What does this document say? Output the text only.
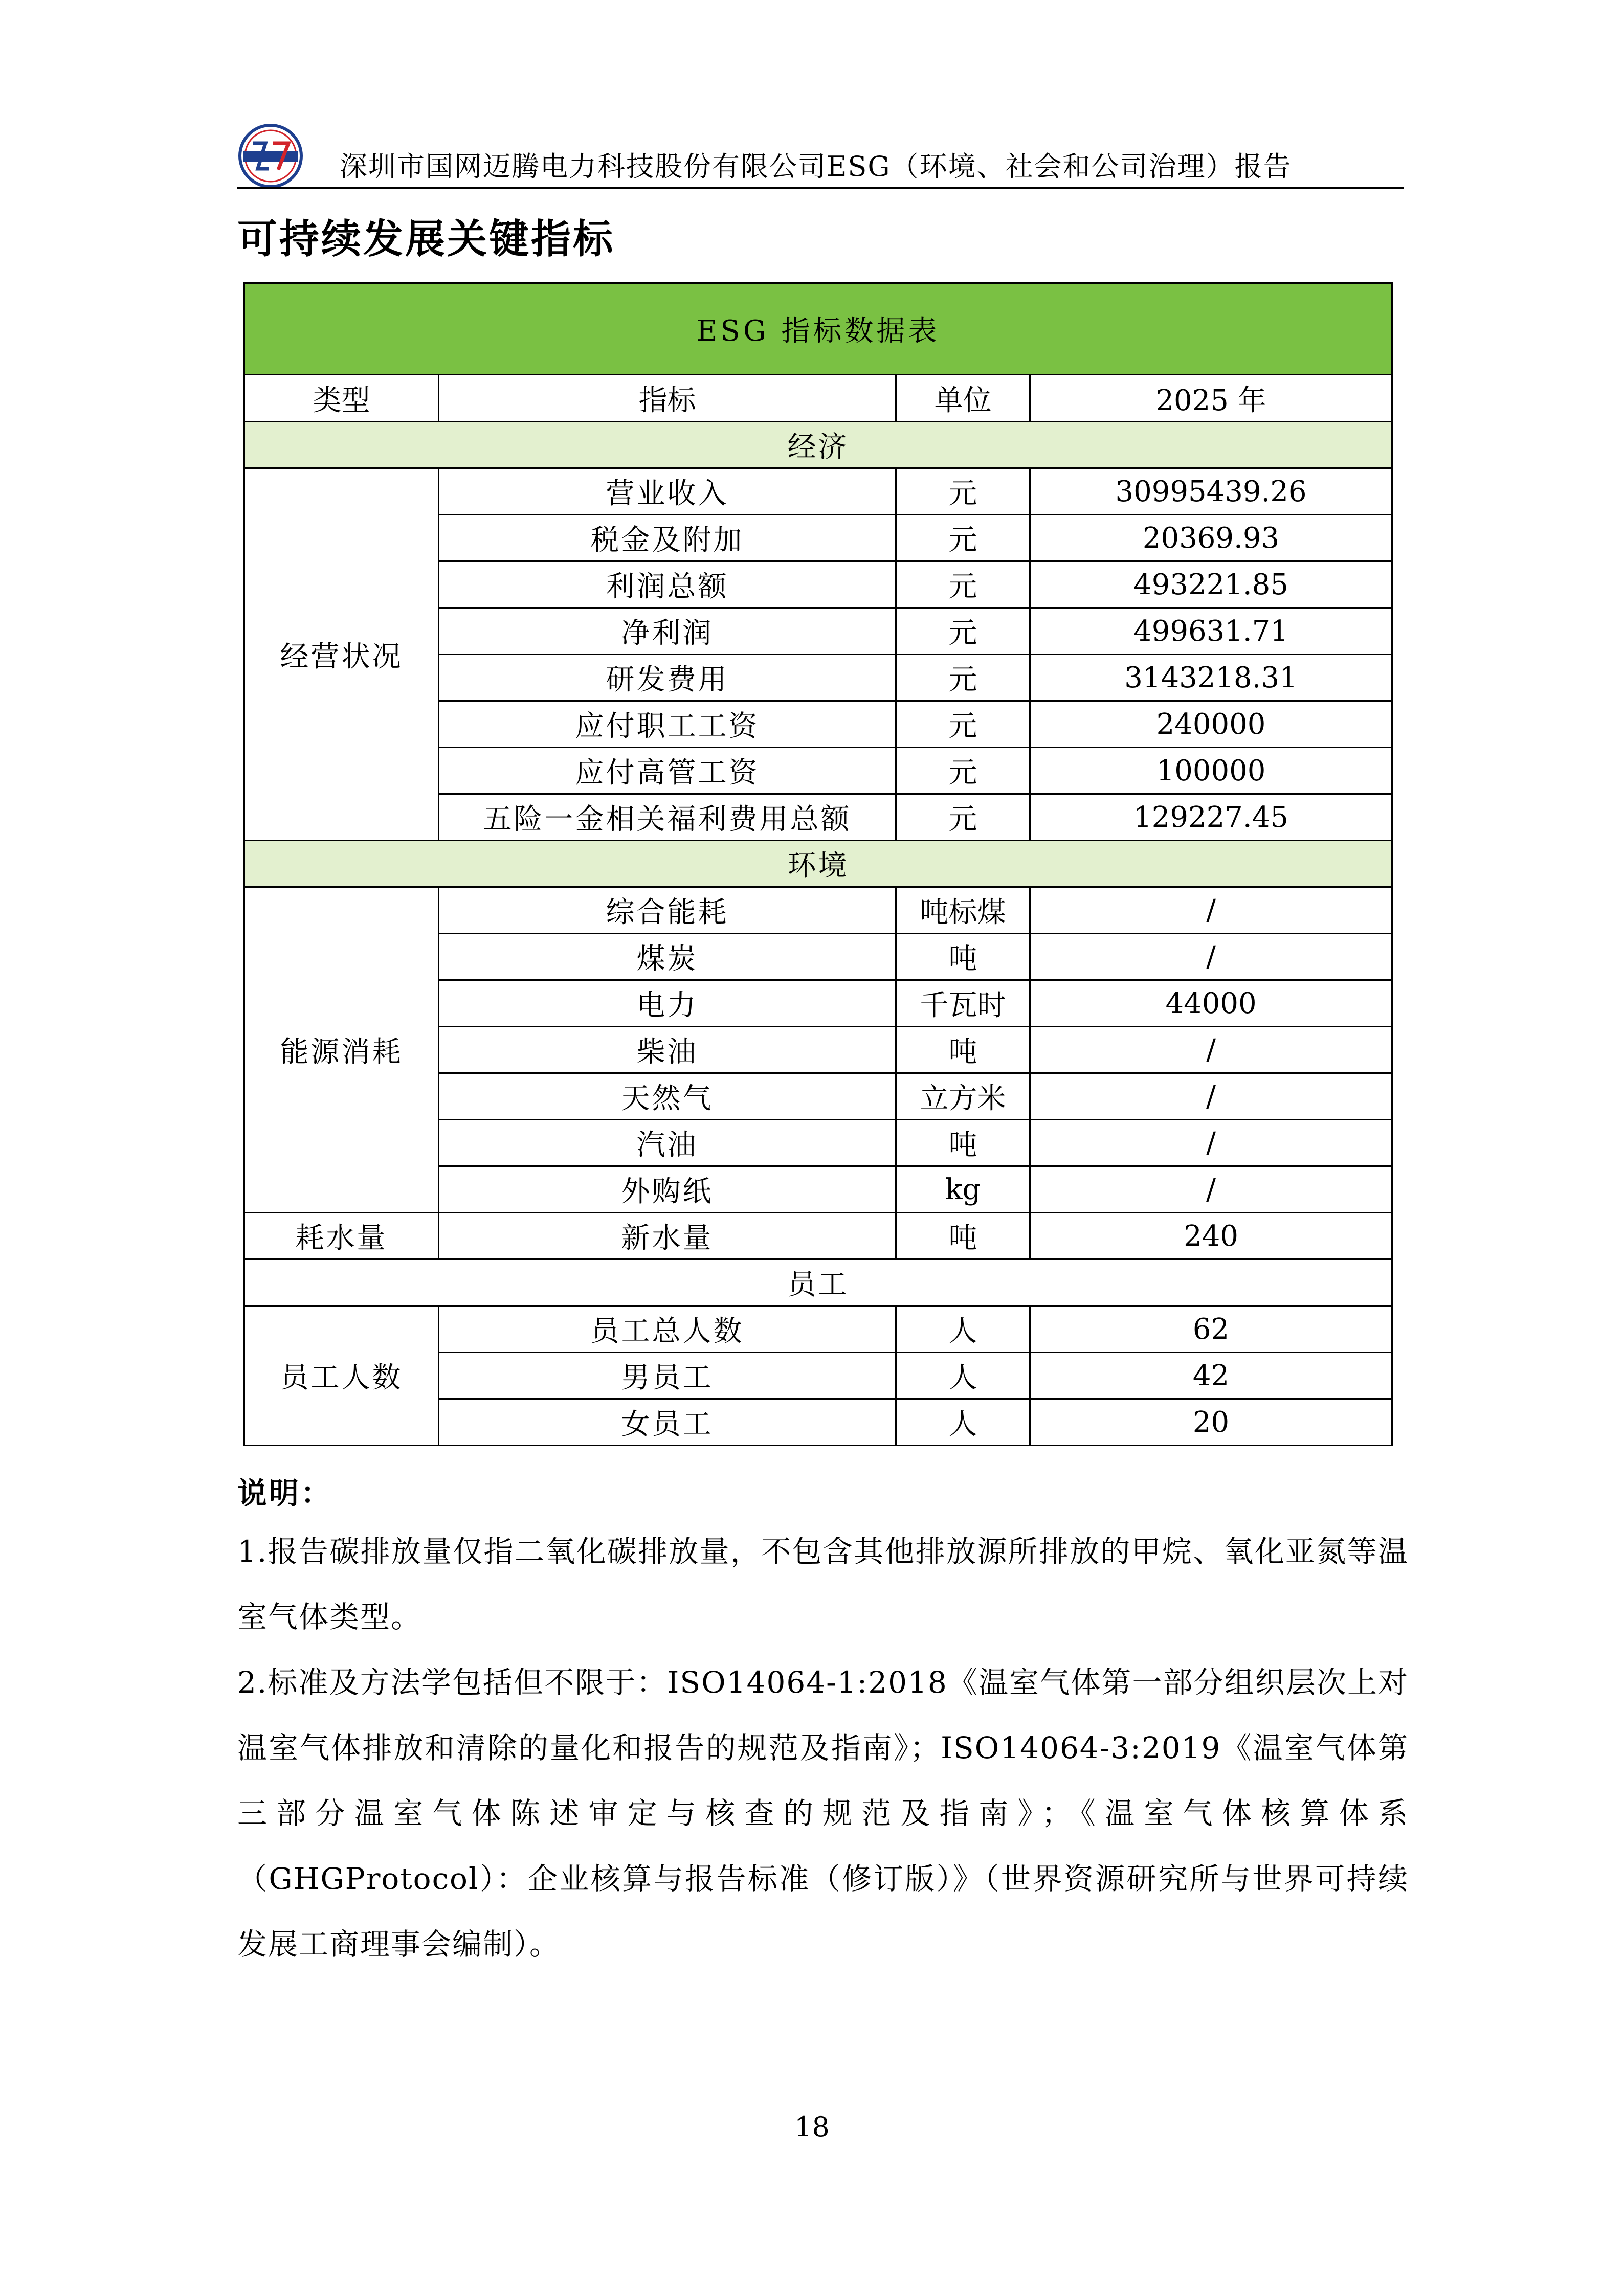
深圳市国网迈腾电力科技股份有限公司ESG（环境、社会和公司治理）报告
可持续发展关键指标
ESG 指标数据表			
类型	指标	单位	2025 年
经济			
经营状况	营业收入	元	30995439.26
	税金及附加	元	20369.93
	利润总额	元	493221.85
	净利润	元	499631.71
	研发费用	元	3143218.31
	应付职工工资	元	240000
	应付高管工资	元	100000
	五险一金相关福利费用总额	元	129227.45
环境			
能源消耗	综合能耗	吨标煤	/
	煤炭	吨	/
	电力	千瓦时	44000
	柴油	吨	/
	天然气	立方米	/
	汽油	吨	/
	外购纸	kg	/
耗水量	新水量	吨	240
员工			
员工人数	员工总人数	人	62
	男员工	人	42
	女员工	人	20
说明：

1.报告碳排放量仅指二氧化碳排放量，不包含其他排放源所排放的甲烷、氧化亚氮等温室气体类型。

2.标准及方法学包括但不限于：ISO14064-1:2018《温室气体第一部分组织层次上对温室气体排放和清除的量化和报告的规范及指南》；ISO14064-3:2019《温室气体第三部分温室气体陈述审定与核查的规范及指南》；《温室气体核算体系（GHGProtocol）：企业核算与报告标准（修订版）》（世界资源研究所与世界可持续发展工商理事会编制）。

18
